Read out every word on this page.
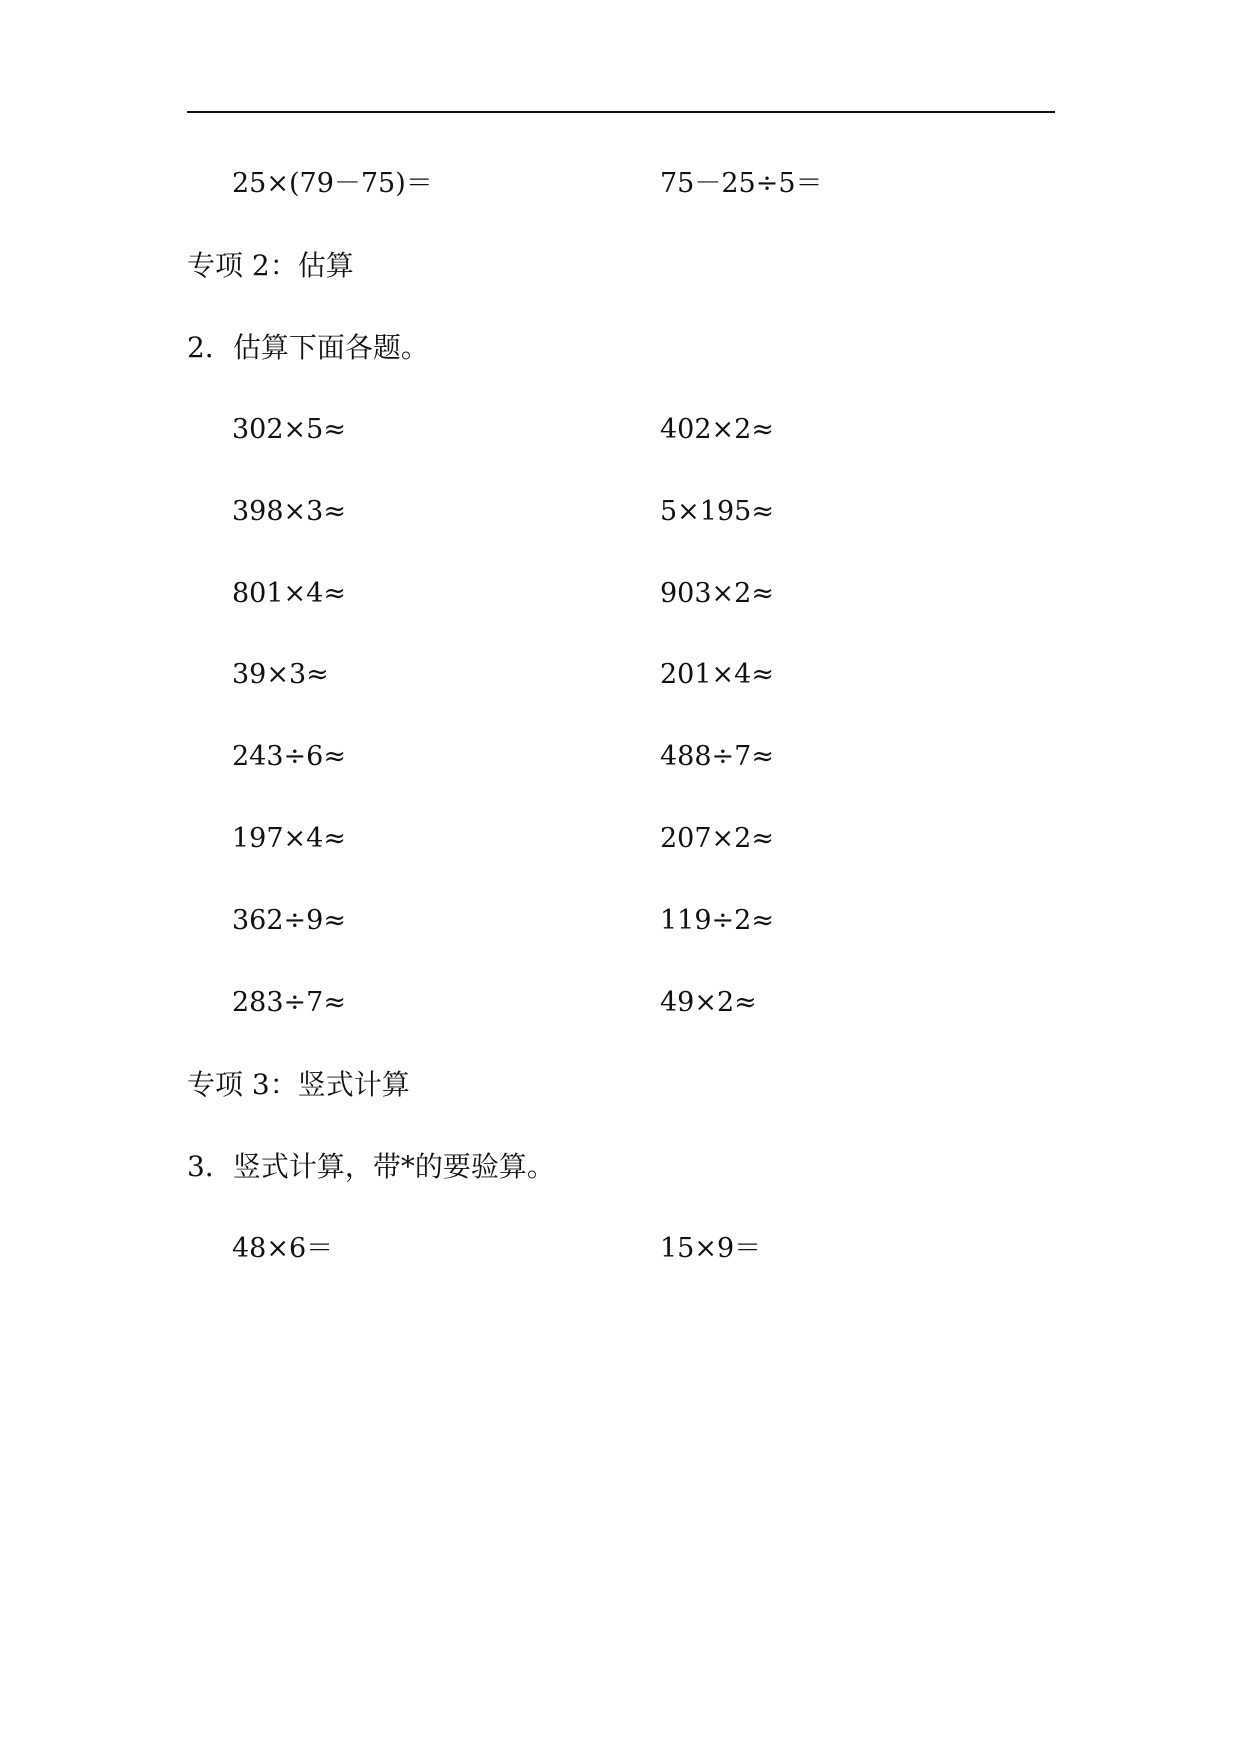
25×(79－75)＝	75－25÷5＝
专项 2：估算
2．估算下面各题。
302×5≈	402×2≈
398×3≈	5×195≈
801×4≈	903×2≈
39×3≈	201×4≈
243÷6≈	488÷7≈
197×4≈	207×2≈
362÷9≈	119÷2≈
283÷7≈	49×2≈
专项 3：竖式计算
3．竖式计算，带*的要验算。
48×6＝	15×9＝
